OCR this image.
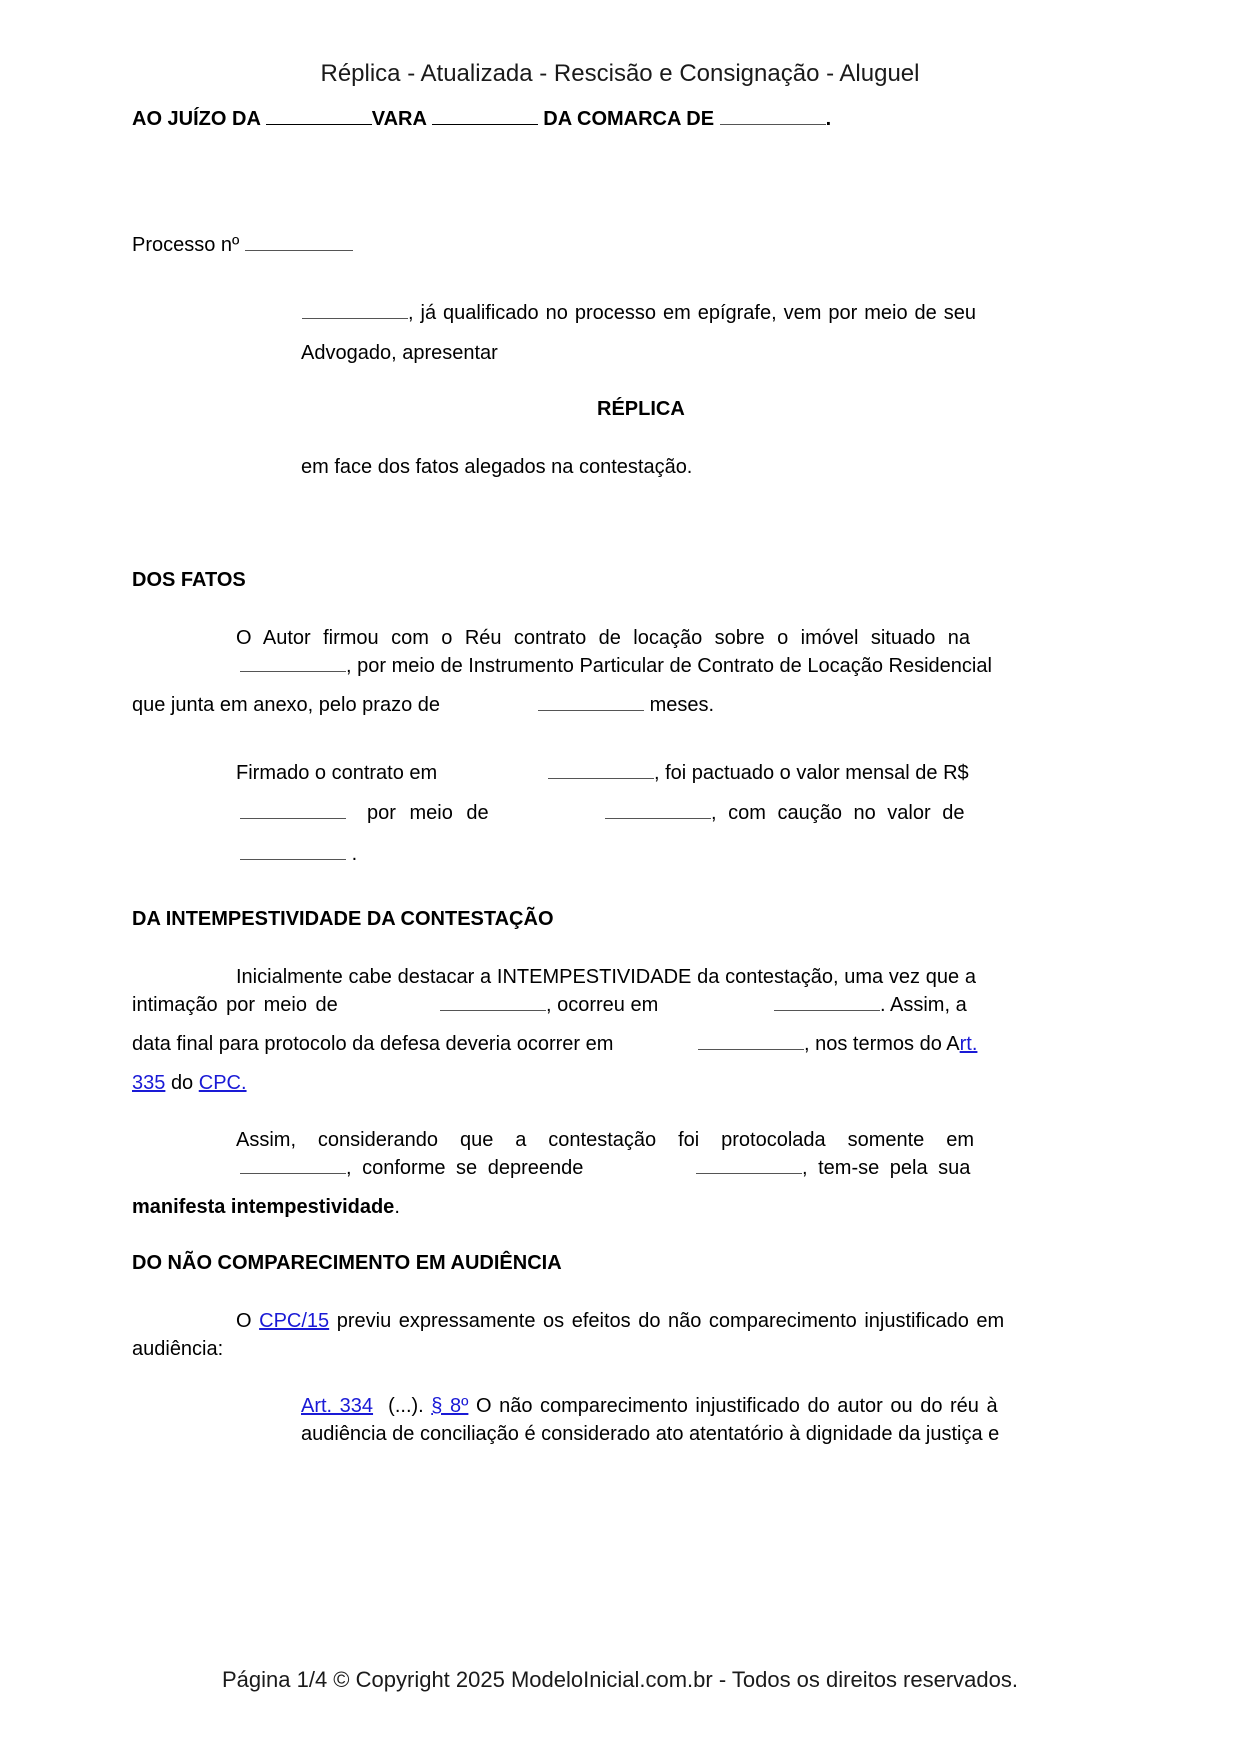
Réplica - Atualizada - Rescisão e Consignação - Aluguel
AO JUÍZO DA	VARA	DA COMARCA DE	.
Processo nº
, já qualificado no processo em epígrafe, vem por meio de seu
Advogado, apresentar
RÉPLICA
em face dos fatos alegados na contestação.
DOS FATOS
O Autor firmou com o Réu contrato de locação sobre o imóvel situado na
, por meio de Instrumento Particular de Contrato de Locação Residencial
que junta em anexo, pelo prazo de	meses.
Firmado o contrato em	, foi pactuado o valor mensal de R$
por meio de	, com caução no valor de
.
DA INTEMPESTIVIDADE DA CONTESTAÇÃO
Inicialmente cabe destacar a INTEMPESTIVIDADE da contestação, uma vez que a
intimação por meio de	, ocorreu em	. Assim, a
data final para protocolo da defesa deveria ocorrer em	, nos termos do Art.
335 do CPC.
Assim, considerando que a contestação foi protocolada somente em
, conforme se depreende	, tem-se pela sua
manifesta intempestividade.
DO NÃO COMPARECIMENTO EM AUDIÊNCIA
O CPC/15 previu expressamente os efeitos do não comparecimento injustificado em
audiência:
Art. 334 (...). § 8º O não comparecimento injustificado do autor ou do réu à
audiência de conciliação é considerado ato atentatório à dignidade da justiça e
Página 1/4 © Copyright 2025 ModeloInicial.com.br - Todos os direitos reservados.
